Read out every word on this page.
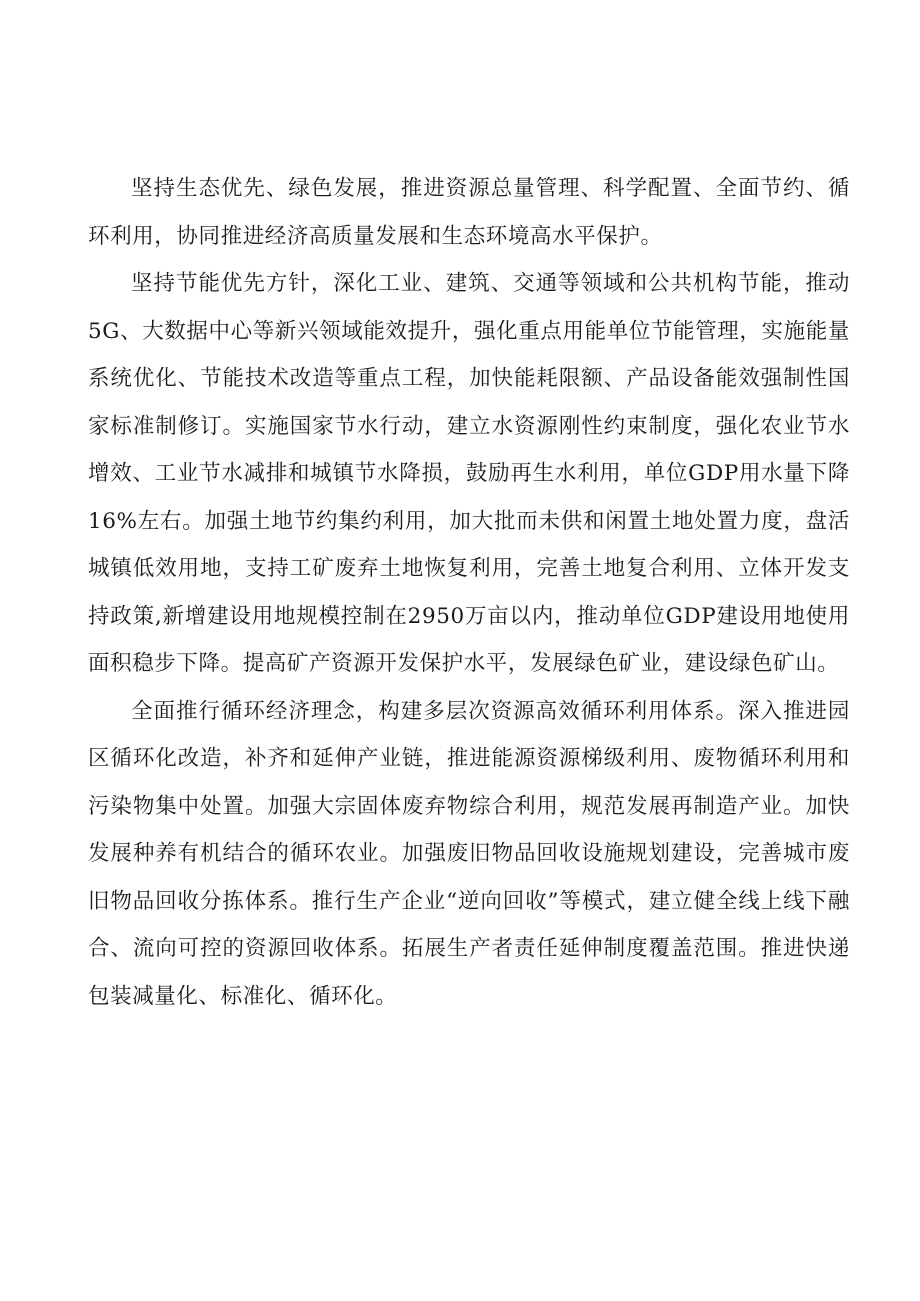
坚持生态优先、绿色发展，推进资源总量管理、科学配置、全面节约、循环利用，协同推进经济高质量发展和生态环境高水平保护。

坚持节能优先方针，深化工业、建筑、交通等领域和公共机构节能，推动5G、大数据中心等新兴领域能效提升，强化重点用能单位节能管理，实施能量系统优化、节能技术改造等重点工程，加快能耗限额、产品设备能效强制性国家标准制修订。实施国家节水行动，建立水资源刚性约束制度，强化农业节水增效、工业节水减排和城镇节水降损，鼓励再生水利用，单位GDP用水量下降16%左右。加强土地节约集约利用，加大批而未供和闲置土地处置力度，盘活城镇低效用地，支持工矿废弃土地恢复利用，完善土地复合利用、立体开发支持政策,新增建设用地规模控制在2950万亩以内，推动单位GDP建设用地使用面积稳步下降。提高矿产资源开发保护水平，发展绿色矿业，建设绿色矿山。

全面推行循环经济理念，构建多层次资源高效循环利用体系。深入推进园区循环化改造，补齐和延伸产业链，推进能源资源梯级利用、废物循环利用和污染物集中处置。加强大宗固体废弃物综合利用，规范发展再制造产业。加快发展种养有机结合的循环农业。加强废旧物品回收设施规划建设，完善城市废旧物品回收分拣体系。推行生产企业“逆向回收”等模式，建立健全线上线下融合、流向可控的资源回收体系。拓展生产者责任延伸制度覆盖范围。推进快递包装减量化、标准化、循环化。
